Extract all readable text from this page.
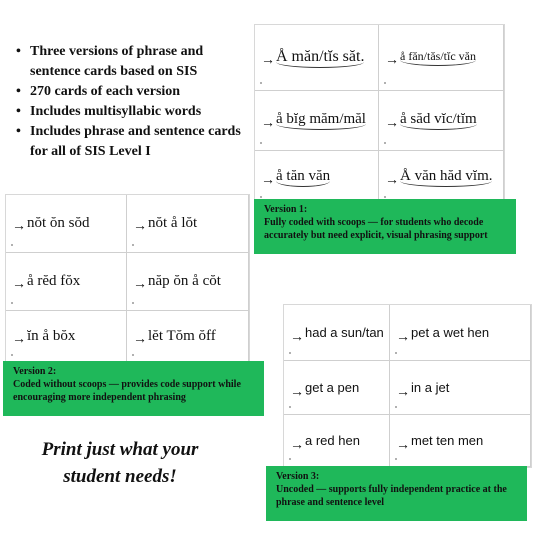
• Three versions of phrase and sentence cards based on SIS
• 270 cards of each version
• Includes multisyllabic words
• Includes phrase and sentence cards for all of SIS Level I
→ Å măn/tĭs săt. → å făn/tăs/tĭc văn
→ å bĭg măm/măl → å săd vĭc/tĭm
→ å tăn văn	→ Å văn hăd vĭm.
Version 1:
Fully coded with scoops — for students who decode accurately but need explicit, visual phrasing support
→ nŏt ŏn sŏd	→ nŏt å lŏt
→ å rĕd fŏx	→ năp ŏn å cŏt
→ ĭn å bŏx	→ lĕt Tŏm ŏff
Version 2:
Coded without scoops — provides code support while encouraging more independent phrasing
→ had a sun/tan → pet a wet hen
→ get a pen	→ in a jet
→ a red hen	→ met ten men
Version 3:
Uncoded — supports fully independent practice at the phrase and sentence level
Print just what your student needs!
